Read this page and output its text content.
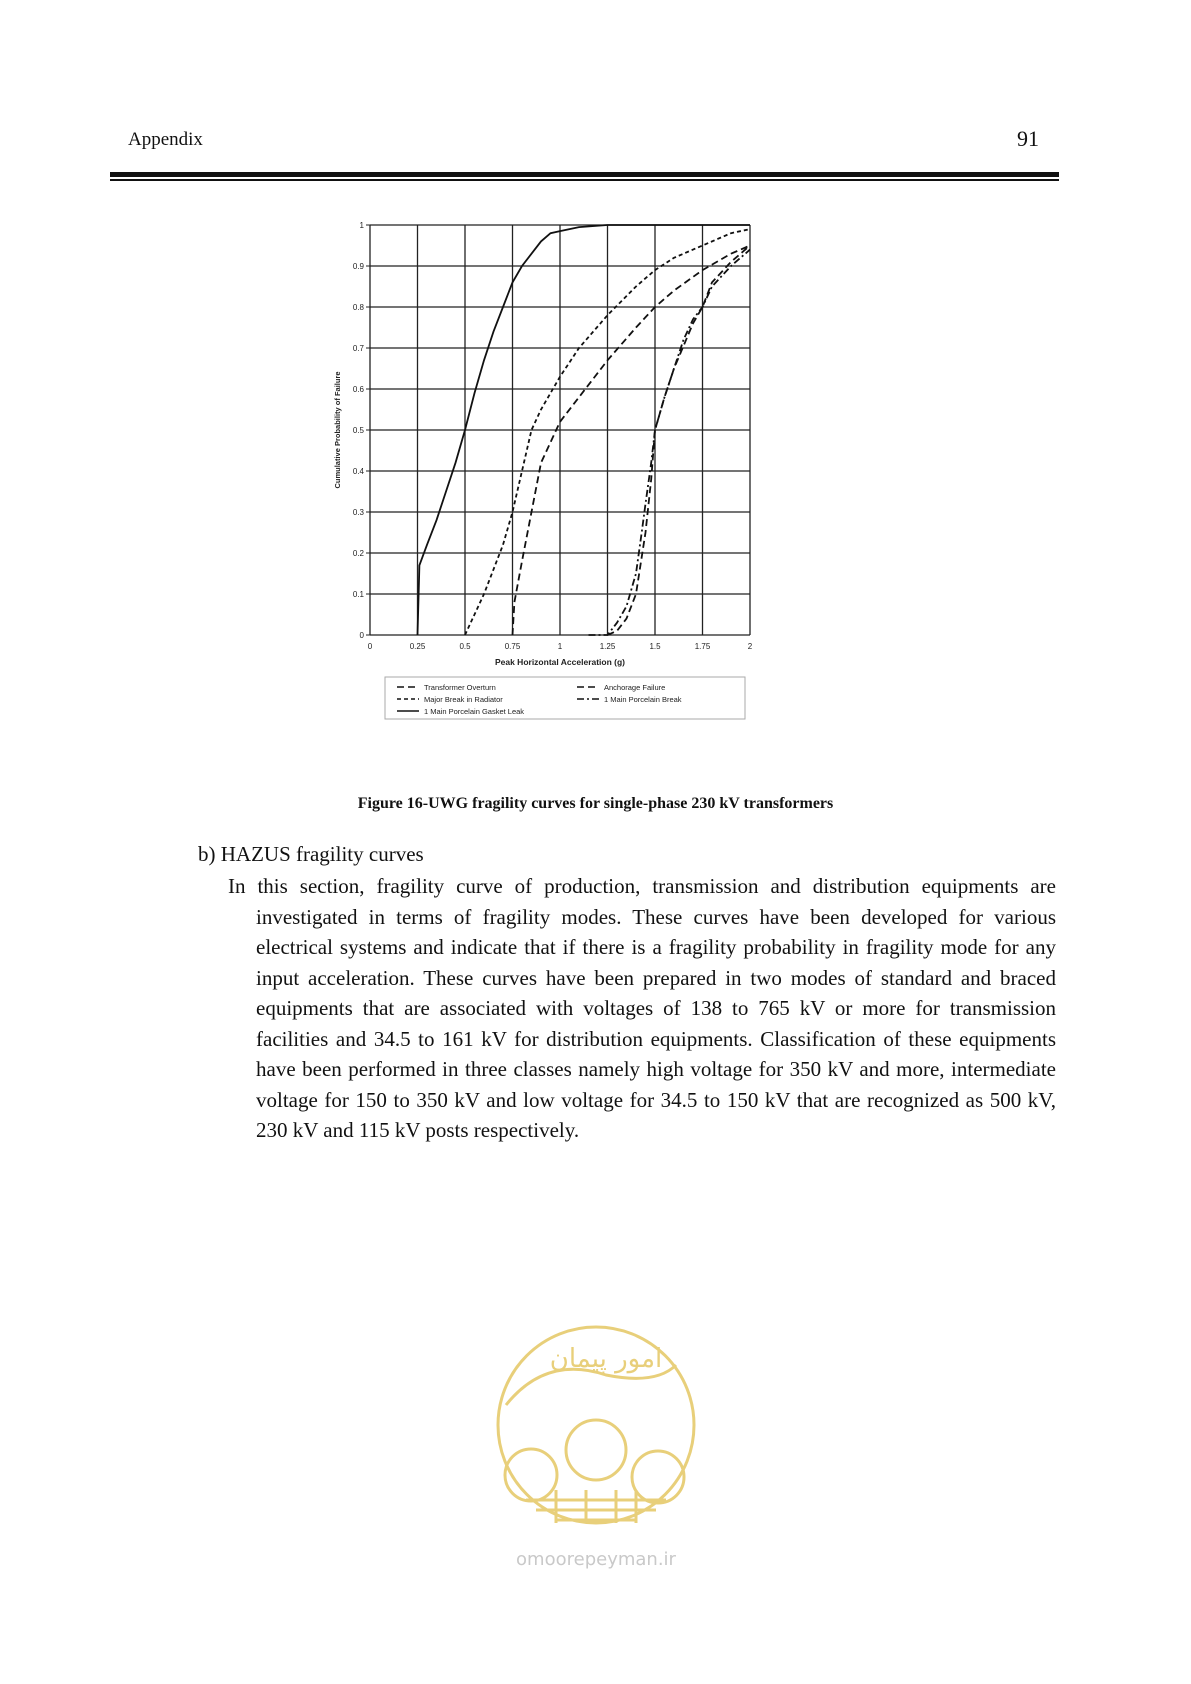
Appendix	91
0	0.25	0.5	0.75	1	1.25	1.5	1.75	2
0
0.1
0.2
0.3
0.4
0.5
0.6
0.7
0.8
0.9
1
Peak Horizontal Acceleration (g)
Cumulative Probability of Failure
Transformer Overturn	Anchorage Failure
Major Break in Radiator	1 Main Porcelain Break
1 Main Porcelain Gasket Leak
Figure 16-UWG fragility curves for single-phase 230 kV transformers
b) HAZUS fragility curves

In this section, fragility curve of production, transmission and distribution equipments are investigated in terms of fragility modes. These curves have been developed for various electrical systems and indicate that if there is a fragility probability in fragility mode for any input acceleration. These curves have been prepared in two modes of standard and braced equipments that are associated with voltages of 138 to 765 kV or more for transmission facilities and 34.5 to 161 kV for distribution equipments. Classification of these equipments have been performed in three classes namely high voltage for 350 kV and more, intermediate voltage for 150 to 350 kV and low voltage for 34.5 to 150 kV that are recognized as 500 kV, 230 kV and 115 kV posts respectively.

امور پیمان
omoorepeyman.ir
